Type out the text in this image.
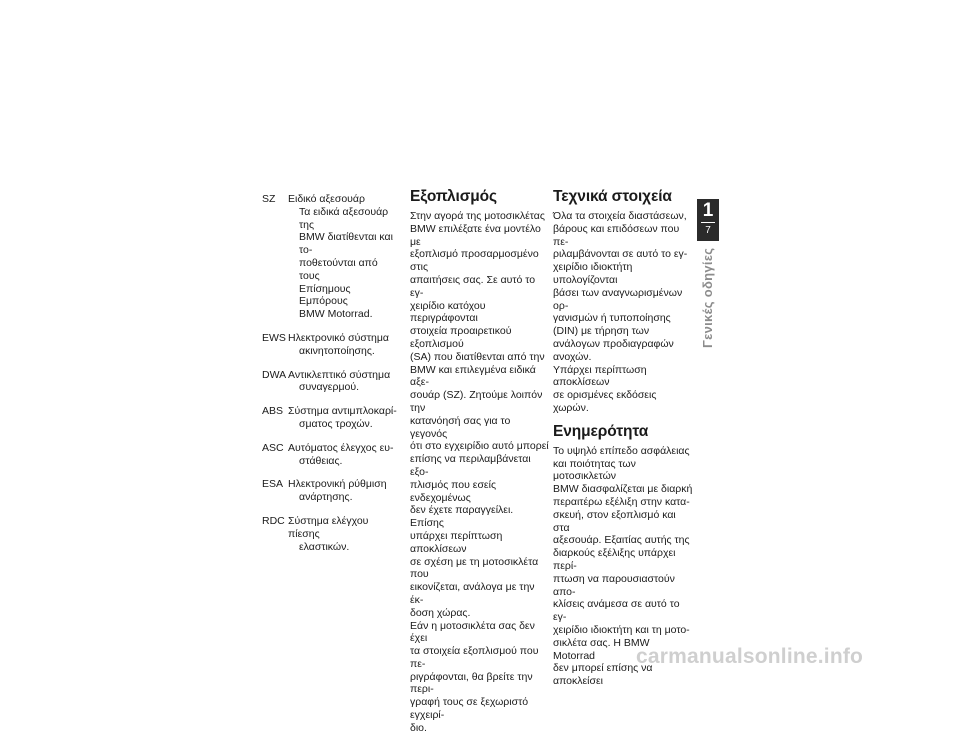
SZ	Ειδικό αξεσουάρ
Τα ειδικά αξεσουάρ της
BMW διατίθενται και το-
ποθετούνται από τους
Επίσημους Εμπόρους
BMW Motorrad.
EWS Ηλεκτρονικό σύστημα
ακινητοποίησης.
DWA Αντικλεπτικό σύστημα
συναγερμού.
ABS Σύστημα αντιμπλοκαρί-
σματος τροχών.
ASC Αυτόματος έλεγχος ευ-
στάθειας.
ESA Ηλεκτρονική ρύθμιση
ανάρτησης.
RDC Σύστημα ελέγχου πίεσης
ελαστικών.
Εξοπλισμός

Στην αγορά της μοτοσικλέτας
BMW επιλέξατε ένα μοντέλο με
εξοπλισμό προσαρμοσμένο στις
απαιτήσεις σας. Σε αυτό το εγ-
χειρίδιο κατόχου περιγράφονται
στοιχεία προαιρετικού εξοπλισμού
(SA) που διατίθενται από την
BMW και επιλεγμένα ειδικά αξε-
σουάρ (SZ). Ζητούμε λοιπόν την
κατανόησή σας για το γεγονός
ότι στο εγχειρίδιο αυτό μπορεί
επίσης να περιλαμβάνεται εξο-
πλισμός που εσείς ενδεχομένως
δεν έχετε παραγγείλει. Επίσης
υπάρχει περίπτωση αποκλίσεων
σε σχέση με τη μοτοσικλέτα που
εικονίζεται, ανάλογα με την έκ-
δοση χώρας.
Εάν η μοτοσικλέτα σας δεν έχει
τα στοιχεία εξοπλισμού που πε-
ριγράφονται, θα βρείτε την περι-
γραφή τους σε ξεχωριστό εγχειρί-
διο.

Τεχνικά στοιχεία

Όλα τα στοιχεία διαστάσεων,
βάρους και επιδόσεων που πε-
ριλαμβάνονται σε αυτό το εγ-
χειρίδιο ιδιοκτήτη υπολογίζονται
βάσει των αναγνωρισμένων ορ-
γανισμών ή τυποποίησης (DIN) με τήρηση των
ανάλογων προδιαγραφών ανοχών.
Υπάρχει περίπτωση αποκλίσεων
σε ορισμένες εκδόσεις χωρών.

Ενημερότητα

Το υψηλό επίπεδο ασφάλειας
και ποιότητας των μοτοσικλετών
BMW διασφαλίζεται με διαρκή
περαιτέρω εξέλιξη στην κατα-
σκευή, στον εξοπλισμό και στα
αξεσουάρ. Εξαιτίας αυτής της
διαρκούς εξέλιξης υπάρχει περί-
πτωση να παρουσιαστούν απο-
κλίσεις ανάμεσα σε αυτό το εγ-
χειρίδιο ιδιοκτήτη και τη μοτο-
σικλέτα σας. Η BMW Motorrad
δεν μπορεί επίσης να αποκλείσει

1
7
Γενικές οδηγίες
carmanualsonline.info
